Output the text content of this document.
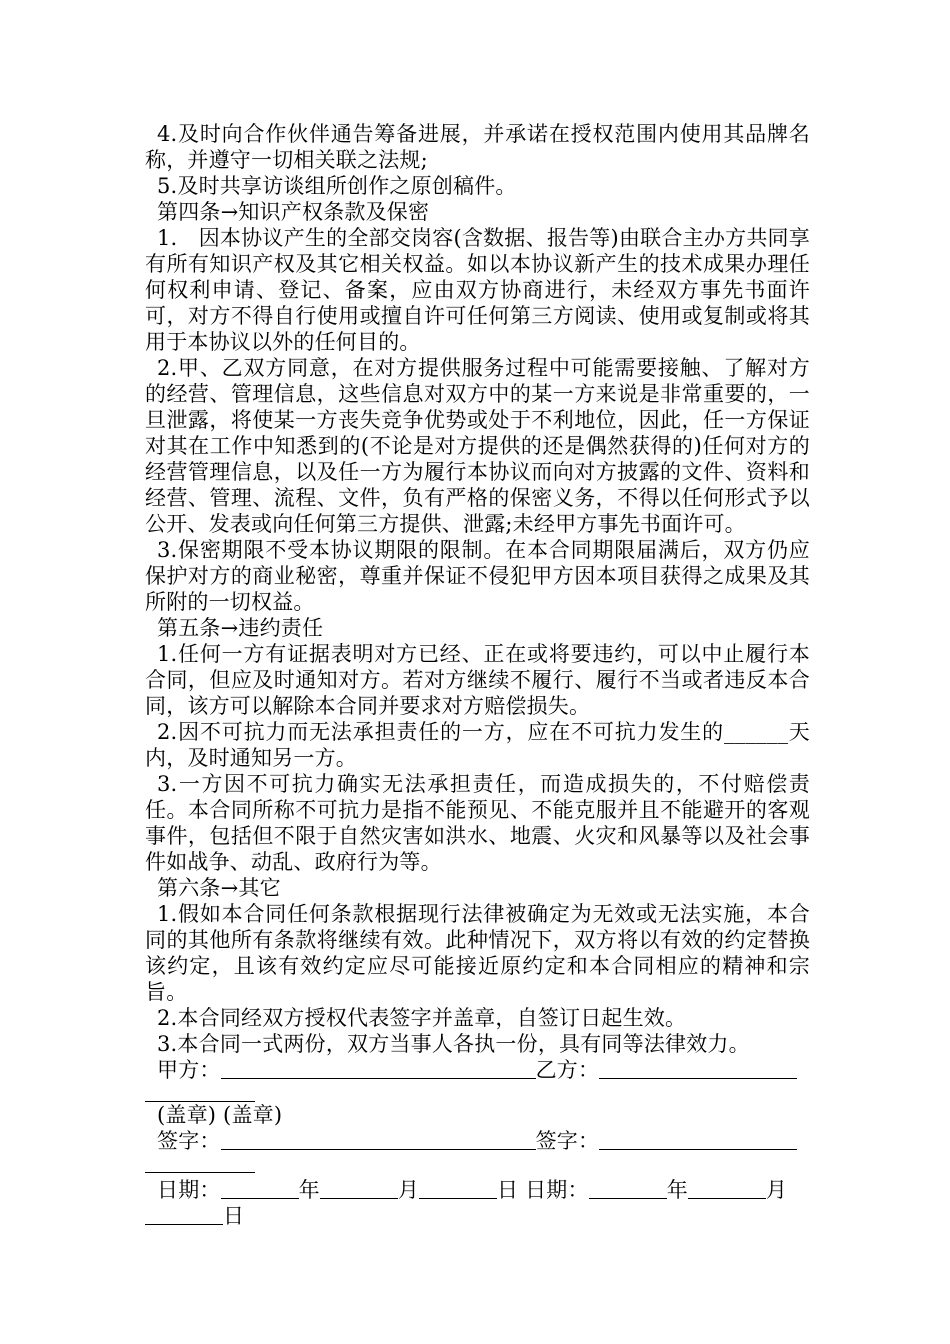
4.及时向合作伙伴通告筹备进展，并承诺在授权范围内使用其品牌名称，并遵守一切相关联之法规;

5.及时共享访谈组所创作之原创稿件。

第四条→知识产权条款及保密

1.　因本协议产生的全部交岗容(含数据、报告等)由联合主办方共同享有所有知识产权及其它相关权益。如以本协议新产生的技术成果办理任何权利申请、登记、备案，应由双方协商进行，未经双方事先书面许可，对方不得自行使用或擅自许可任何第三方阅读、使用或复制或将其用于本协议以外的任何目的。

2.甲、乙双方同意，在对方提供服务过程中可能需要接触、了解对方的经营、管理信息，这些信息对双方中的某一方来说是非常重要的，一旦泄露，将使某一方丧失竞争优势或处于不利地位，因此，任一方保证对其在工作中知悉到的(不论是对方提供的还是偶然获得的)任何对方的经营管理信息，以及任一方为履行本协议而向对方披露的文件、资料和经营、管理、流程、文件，负有严格的保密义务，不得以任何形式予以公开、发表或向任何第三方提供、泄露;未经甲方事先书面许可。

3.保密期限不受本协议期限的限制。在本合同期限届满后，双方仍应保护对方的商业秘密，尊重并保证不侵犯甲方因本项目获得之成果及其所附的一切权益。

第五条→违约责任

1.任何一方有证据表明对方已经、正在或将要违约，可以中止履行本合同，但应及时通知对方。若对方继续不履行、履行不当或者违反本合同，该方可以解除本合同并要求对方赔偿损失。

2.因不可抗力而无法承担责任的一方，应在不可抗力发生的______天内，及时通知另一方。

3.一方因不可抗力确实无法承担责任，而造成损失的，不付赔偿责任。本合同所称不可抗力是指不能预见、不能克服并且不能避开的客观事件，包括但不限于自然灾害如洪水、地震、火灾和风暴等以及社会事件如战争、动乱、政府行为等。

第六条→其它

1.假如本合同任何条款根据现行法律被确定为无效或无法实施，本合同的其他所有条款将继续有效。此种情况下，双方将以有效的约定替换该约定，且该有效约定应尽可能接近原约定和本合同相应的精神和宗旨。

2.本合同经双方授权代表签字并盖章，自签订日起生效。

3.本合同一式两份，双方当事人各执一份，具有同等法律效力。

甲方：	乙方：
(盖章) (盖章)
签字：	签字：
日期：	年	月	日 日期：	年	月
日
